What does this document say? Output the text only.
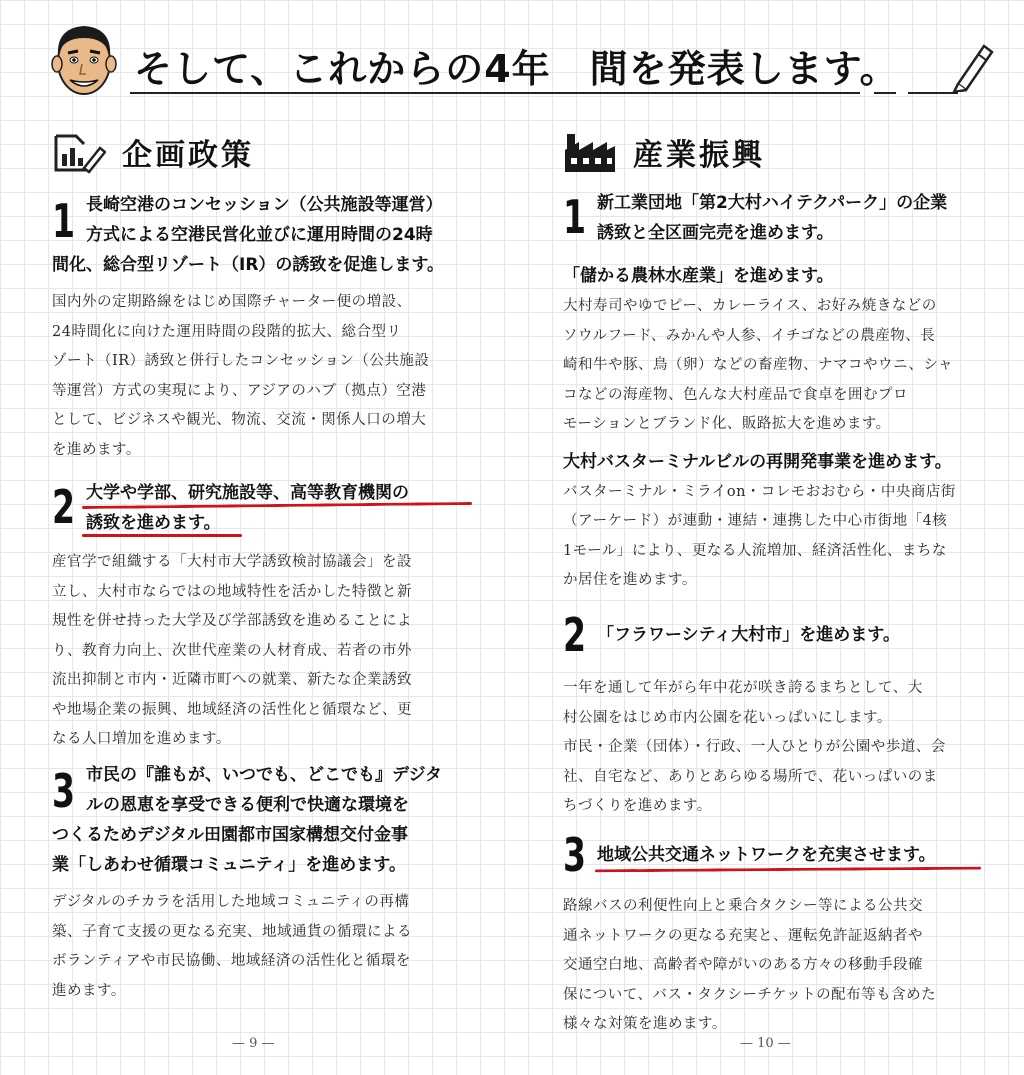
そして、これからの4年　間を発表します。
企画政策
1 長崎空港のコンセッション（公共施設等運営）
方式による空港民営化並びに運用時間の24時
間化、総合型リゾート（IR）の誘致を促進します。
国内外の定期路線をはじめ国際チャーター便の増設、
24時間化に向けた運用時間の段階的拡大、総合型リ
ゾート（IR）誘致と併行したコンセッション（公共施設
等運営）方式の実現により、アジアのハブ（拠点）空港
として、ビジネスや観光、物流、交流・関係人口の増大
を進めます。
2 大学や学部、研究施設等、高等教育機関の
誘致を進めます。
産官学で組織する「大村市大学誘致検討協議会」を設
立し、大村市ならではの地域特性を活かした特徴と新
規性を併せ持った大学及び学部誘致を進めることによ
り、教育力向上、次世代産業の人材育成、若者の市外
流出抑制と市内・近隣市町への就業、新たな企業誘致
や地場企業の振興、地域経済の活性化と循環など、更
なる人口増加を進めます。
3 市民の『誰もが、いつでも、どこでも』デジタ
ルの恩恵を享受できる便利で快適な環境を
つくるためデジタル田園都市国家構想交付金事
業「しあわせ循環コミュニティ」を進めます。
デジタルのチカラを活用した地域コミュニティの再構
築、子育て支援の更なる充実、地域通貨の循環による
ボランティアや市民協働、地域経済の活性化と循環を
進めます。
産業振興
1 新工業団地「第2大村ハイテクパーク」の企業
誘致と全区画完売を進めます。
「儲かる農林水産業」を進めます。
大村寿司やゆでピー、カレーライス、お好み焼きなどの
ソウルフード、みかんや人参、イチゴなどの農産物、長
崎和牛や豚、鳥（卵）などの畜産物、ナマコやウニ、シャ
コなどの海産物、色んな大村産品で食卓を囲むプロ
モーションとブランド化、販路拡大を進めます。
大村バスターミナルビルの再開発事業を進めます。
バスターミナル・ミライon・コレモおおむら・中央商店街
（アーケード）が連動・連結・連携した中心市街地「4核
1モール」により、更なる人流増加、経済活性化、まちな
か居住を進めます。
2 「フラワーシティ大村市」を進めます。
一年を通して年がら年中花が咲き誇るまちとして、大
村公園をはじめ市内公園を花いっぱいにします。
市民・企業（団体）・行政、一人ひとりが公園や歩道、会
社、自宅など、ありとあらゆる場所で、花いっぱいのま
ちづくりを進めます。
3 地域公共交通ネットワークを充実させます。
路線バスの利便性向上と乗合タクシー等による公共交
通ネットワークの更なる充実と、運転免許証返納者や
交通空白地、高齢者や障がいのある方々の移動手段確
保について、バス・タクシーチケットの配布等も含めた
様々な対策を進めます。
— 9 —	— 10 —
